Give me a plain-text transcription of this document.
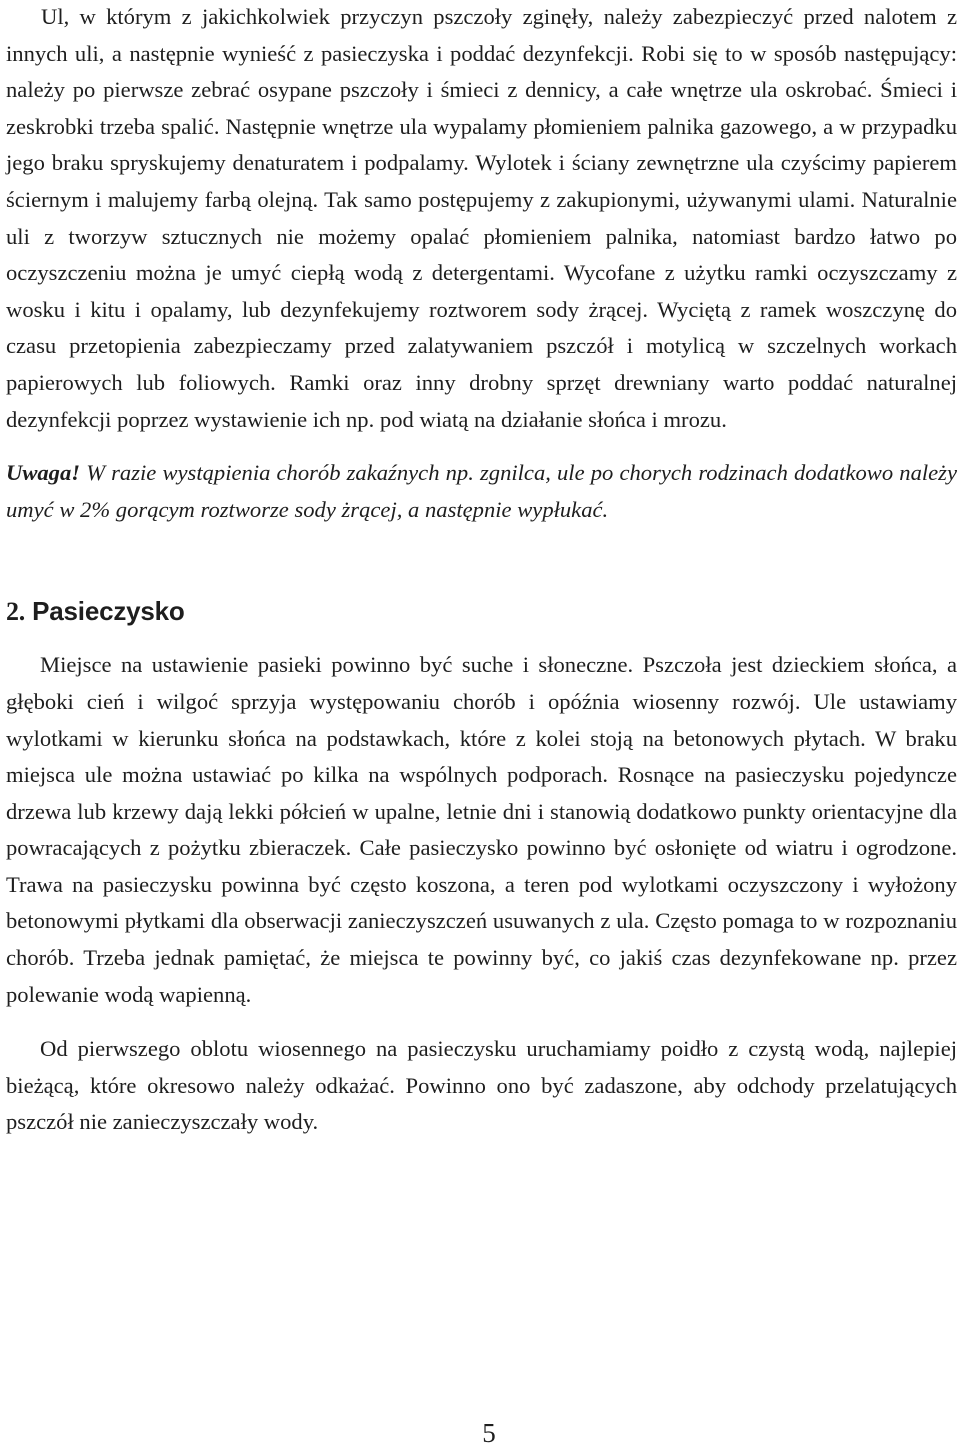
Ul, w którym z jakichkolwiek przyczyn pszczoły zginęły, należy zabezpieczyć przed nalotem z innych uli, a następnie wynieść z pasieczyska i poddać dezynfekcji. Robi się to w sposób następujący: należy po pierwsze zebrać osypane pszczoły i śmieci z dennicy, a całe wnętrze ula oskrobać. Śmieci i zeskrobki trzeba spalić. Następnie wnętrze ula wypalamy płomieniem palnika gazowego, a w przypadku jego braku spryskujemy denaturatem i podpalamy. Wylotek i ściany zewnętrzne ula czyścimy papierem ściernym i malujemy farbą olejną. Tak samo postępujemy z zakupionymi, używanymi ulami. Naturalnie uli z tworzyw sztucznych nie możemy opalać płomieniem palnika, natomiast bardzo łatwo po oczyszczeniu można je umyć ciepłą wodą z detergentami. Wycofane z użytku ramki oczyszczamy z wosku i kitu i opalamy, lub dezynfekujemy roztworem sody żrącej. Wyciętą z ramek woszczynę do czasu przetopienia zabezpieczamy przed zalatywaniem pszczół i motylicą w szczelnych workach papierowych lub foliowych. Ramki oraz inny drobny sprzęt drewniany warto poddać naturalnej dezynfekcji poprzez wystawienie ich np. pod wiatą na działanie słońca i mrozu.

Uwaga! W razie wystąpienia chorób zakaźnych np. zgnilca, ule po chorych rodzinach dodatkowo należy umyć w 2% gorącym roztworze sody żrącej, a następnie wypłukać.

2. Pasieczysko

Miejsce na ustawienie pasieki powinno być suche i słoneczne. Pszczoła jest dzieckiem słońca, a głęboki cień i wilgoć sprzyja występowaniu chorób i opóźnia wiosenny rozwój. Ule ustawiamy wylotkami w kierunku słońca na podstawkach, które z kolei stoją na betonowych płytach. W braku miejsca ule można ustawiać po kilka na wspólnych podporach. Rosnące na pasieczysku pojedyncze drzewa lub krzewy dają lekki półcień w upalne, letnie dni i stanowią dodatkowo punkty orientacyjne dla powracających z pożytku zbieraczek. Całe pasieczysko powinno być osłonięte od wiatru i ogrodzone. Trawa na pasieczysku powinna być często koszona, a teren pod wylotkami oczyszczony i wyłożony betonowymi płytkami dla obserwacji zanieczyszczeń usuwanych z ula. Często pomaga to w rozpoznaniu chorób. Trzeba jednak pamiętać, że miejsca te powinny być, co jakiś czas dezynfekowane np. przez polewanie wodą wapienną.

Od pierwszego oblotu wiosennego na pasieczysku uruchamiamy poidło z czystą wodą, najlepiej bieżącą, które okresowo należy odkażać. Powinno ono być zadaszone, aby odchody przelatujących pszczół nie zanieczyszczały wody.

5
